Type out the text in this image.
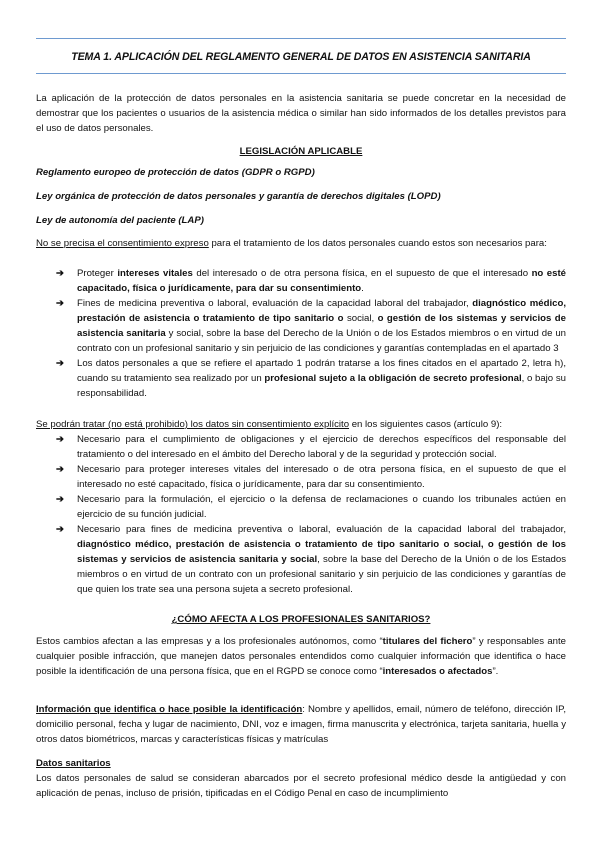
TEMA 1. APLICACIÓN DEL REGLAMENTO GENERAL DE DATOS EN ASISTENCIA SANITARIA

La aplicación de la protección de datos personales en la asistencia sanitaria se puede concretar en la necesidad de demostrar que los pacientes o usuarios de la asistencia médica o similar han sido informados de los detalles previstos para el uso de datos personales.

LEGISLACIÓN APLICABLE

Reglamento europeo de protección de datos (GDPR o RGPD)

Ley orgánica de protección de datos personales y garantía de derechos digitales (LOPD)

Ley de autonomía del paciente (LAP)

No se precisa el consentimiento expreso para el tratamiento de los datos personales cuando estos son necesarios para:

➔ Proteger intereses vitales del interesado o de otra persona física, en el supuesto de que el interesado no esté capacitado, física o jurídicamente, para dar su consentimiento.
➔ Fines de medicina preventiva o laboral, evaluación de la capacidad laboral del trabajador, diagnóstico médico, prestación de asistencia o tratamiento de tipo sanitario o social, o gestión de los sistemas y servicios de asistencia sanitaria y social, sobre la base del Derecho de la Unión o de los Estados miembros o en virtud de un contrato con un profesional sanitario y sin perjuicio de las condiciones y garantías contempladas en el apartado 3
➔ Los datos personales a que se refiere el apartado 1 podrán tratarse a los fines citados en el apartado 2, letra h), cuando su tratamiento sea realizado por un profesional sujeto a la obligación de secreto profesional, o bajo su responsabilidad.

Se podrán tratar (no está prohibido) los datos sin consentimiento explícito en los siguientes casos (artículo 9):

➔ Necesario para el cumplimiento de obligaciones y el ejercicio de derechos específicos del responsable del tratamiento o del interesado en el ámbito del Derecho laboral y de la seguridad y protección social.
➔ Necesario para proteger intereses vitales del interesado o de otra persona física, en el supuesto de que el interesado no esté capacitado, física o jurídicamente, para dar su consentimiento.
➔ Necesario para la formulación, el ejercicio o la defensa de reclamaciones o cuando los tribunales actúen en ejercicio de su función judicial.
➔ Necesario para fines de medicina preventiva o laboral, evaluación de la capacidad laboral del trabajador, diagnóstico médico, prestación de asistencia o tratamiento de tipo sanitario o social, o gestión de los sistemas y servicios de asistencia sanitaria y social, sobre la base del Derecho de la Unión o de los Estados miembros o en virtud de un contrato con un profesional sanitario y sin perjuicio de las condiciones y garantías de que quien los trate sea una persona sujeta a secreto profesional.

¿CÓMO AFECTA A LOS PROFESIONALES SANITARIOS?

Estos cambios afectan a las empresas y a los profesionales autónomos, como “titulares del fichero” y responsables ante cualquier posible infracción, que manejen datos personales entendidos como cualquier información que identifica o hace posible la identificación de una persona física, que en el RGPD se conoce como “interesados o afectados”.

Información que identifica o hace posible la identificación: Nombre y apellidos, email, número de teléfono, dirección IP, domicilio personal, fecha y lugar de nacimiento, DNI, voz e imagen, firma manuscrita y electrónica, tarjeta sanitaria, huella y otros datos biométricos, marcas y características físicas y matrículas

Datos sanitarios

Los datos personales de salud se consideran abarcados por el secreto profesional médico desde la antigüedad y con aplicación de penas, incluso de prisión, tipificadas en el Código Penal en caso de incumplimiento
